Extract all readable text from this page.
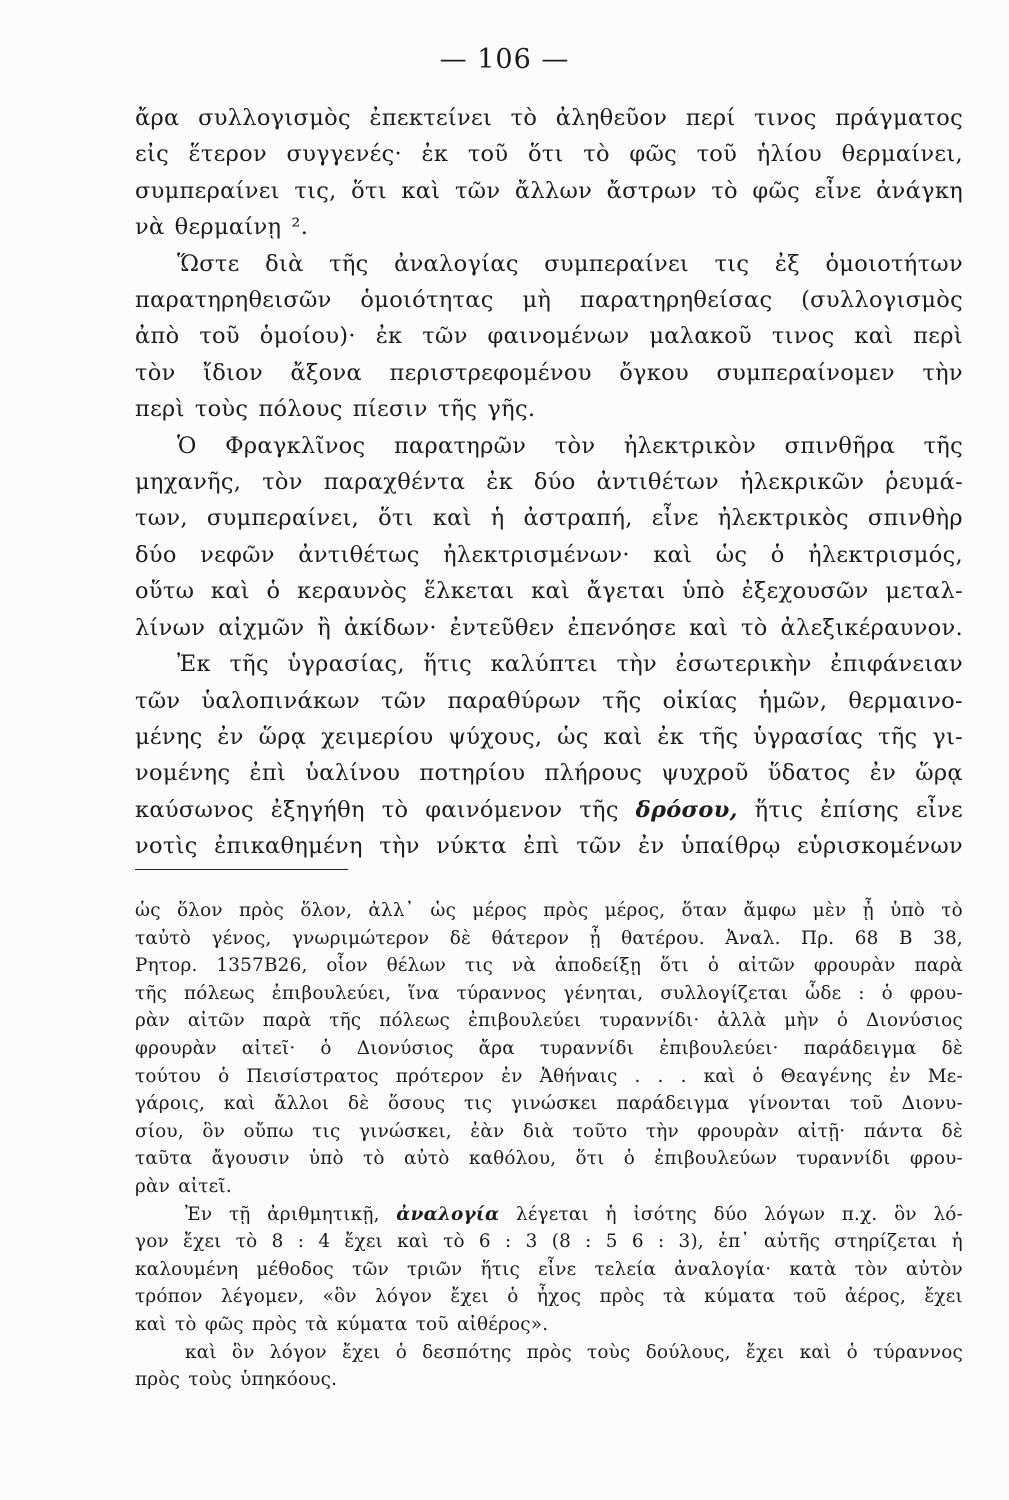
— 106 —
ἄρα συλλογισμὸς ἐπεκτείνει τὸ ἀληθεῦον περί τινος πράγματος
εἰς ἕτερον συγγενές· ἐκ τοῦ ὅτι τὸ φῶς τοῦ ἡλίου θερμαίνει,
συμπεραίνει τις, ὅτι καὶ τῶν ἄλλων ἄστρων τὸ φῶς εἶνε ἀνάγκη
νὰ θερμαίνῃ ².
Ὥστε διὰ τῆς ἀναλογίας συμπεραίνει τις ἐξ ὁμοιοτήτων
παρατηρηθεισῶν ὁμοιότητας μὴ παρατηρηθείσας (συλλογισμὸς
ἀπὸ τοῦ ὁμοίου)· ἐκ τῶν φαινομένων μαλακοῦ τινος καὶ περὶ
τὸν ἴδιον ἄξονα περιστρεφομένου ὄγκου συμπεραίνομεν τὴν
περὶ τοὺς πόλους πίεσιν τῆς γῆς.
Ὁ Φραγκλῖνος παρατηρῶν τὸν ἠλεκτρικὸν σπινθῆρα τῆς
μηχανῆς, τὸν παραχθέντα ἐκ δύο ἀντιθέτων ἠλεκρικῶν ῥευμά-
των, συμπεραίνει, ὅτι καὶ ἡ ἀστραπή, εἶνε ἠλεκτρικὸς σπινθὴρ
δύο νεφῶν ἀντιθέτως ἠλεκτρισμένων· καὶ ὡς ὁ ἠλεκτρισμός,
οὕτω καὶ ὁ κεραυνὸς ἕλκεται καὶ ἄγεται ὑπὸ ἐξεχουσῶν μεταλ-
λίνων αἰχμῶν ἢ ἀκίδων· ἐντεῦθεν ἐπενόησε καὶ τὸ ἀλεξικέραυνον.
Ἐκ τῆς ὑγρασίας, ἥτις καλύπτει τὴν ἐσωτερικὴν ἐπιφάνειαν
τῶν ὑαλοπινάκων τῶν παραθύρων τῆς οἰκίας ἡμῶν, θερμαινο-
μένης ἐν ὥρᾳ χειμερίου ψύχους, ὡς καὶ ἐκ τῆς ὑγρασίας τῆς γι-
νομένης ἐπὶ ὑαλίνου ποτηρίου πλήρους ψυχροῦ ὕδατος ἐν ὥρᾳ
καύσωνος ἐξηγήθη τὸ φαινόμενον τῆς δρόσου, ἥτις ἐπίσης εἶνε
νοτὶς ἐπικαθημένη τὴν νύκτα ἐπὶ τῶν ἐν ὑπαίθρῳ εὑρισκομένων
ὡς ὅλον πρὸς ὅλον, ἀλλ᾽ ὡς μέρος πρὸς μέρος, ὅταν ἄμφω μὲν ᾖ ὑπὸ τὸ
ταὐτὸ γένος, γνωριμώτερον δὲ θάτερον ᾖ θατέρου. Ἀναλ. Πρ. 68 Β 38,
Ρητορ. 1357Β26, οἷον θέλων τις νὰ ἀποδείξῃ ὅτι ὁ αἰτῶν φρουρὰν παρὰ
τῆς πόλεως ἐπιβουλεύει, ἵνα τύραννος γένηται, συλλογίζεται ὧδε : ὁ φρου-
ρὰν αἰτῶν παρὰ τῆς πόλεως ἐπιβουλεύει τυραννίδι· ἀλλὰ μὴν ὁ Διονύσιος
φρουρὰν αἰτεῖ· ὁ Διονύσιος ἄρα τυραννίδι ἐπιβουλεύει· παράδειγμα δὲ
τούτου ὁ Πεισίστρατος πρότερον ἐν Ἀθήναις . . . καὶ ὁ Θεαγένης ἐν Με-
γάροις, καὶ ἄλλοι δὲ ὅσους τις γινώσκει παράδειγμα γίνονται τοῦ Διονυ-
σίου, ὃν οὔπω τις γινώσκει, ἐὰν διὰ τοῦτο τὴν φρουρὰν αἰτῇ· πάντα δὲ
ταῦτα ἄγουσιν ὑπὸ τὸ αὐτὸ καθόλου, ὅτι ὁ ἐπιβουλεύων τυραννίδι φρου-
ρὰν αἰτεῖ.
Ἐν τῇ ἀριθμητικῇ, ἀναλογία λέγεται ἡ ἰσότης δύο λόγων π.χ. ὃν λό-
γον ἔχει τὸ 8 : 4 ἔχει καὶ τὸ 6 : 3 (8 : 5 6 : 3), ἐπ᾽ αὐτῆς στηρίζεται ἡ
καλουμένη μέθοδος τῶν τριῶν ἥτις εἶνε τελεία ἀναλογία· κατὰ τὸν αὐτὸν
τρόπον λέγομεν, «ὃν λόγον ἔχει ὁ ἦχος πρὸς τὰ κύματα τοῦ ἀέρος, ἔχει
καὶ τὸ φῶς πρὸς τὰ κύματα τοῦ αἰθέρος».
καὶ ὃν λόγον ἔχει ὁ δεσπότης πρὸς τοὺς δούλους, ἔχει καὶ ὁ τύραννος
πρὸς τοὺς ὑπηκόους.
